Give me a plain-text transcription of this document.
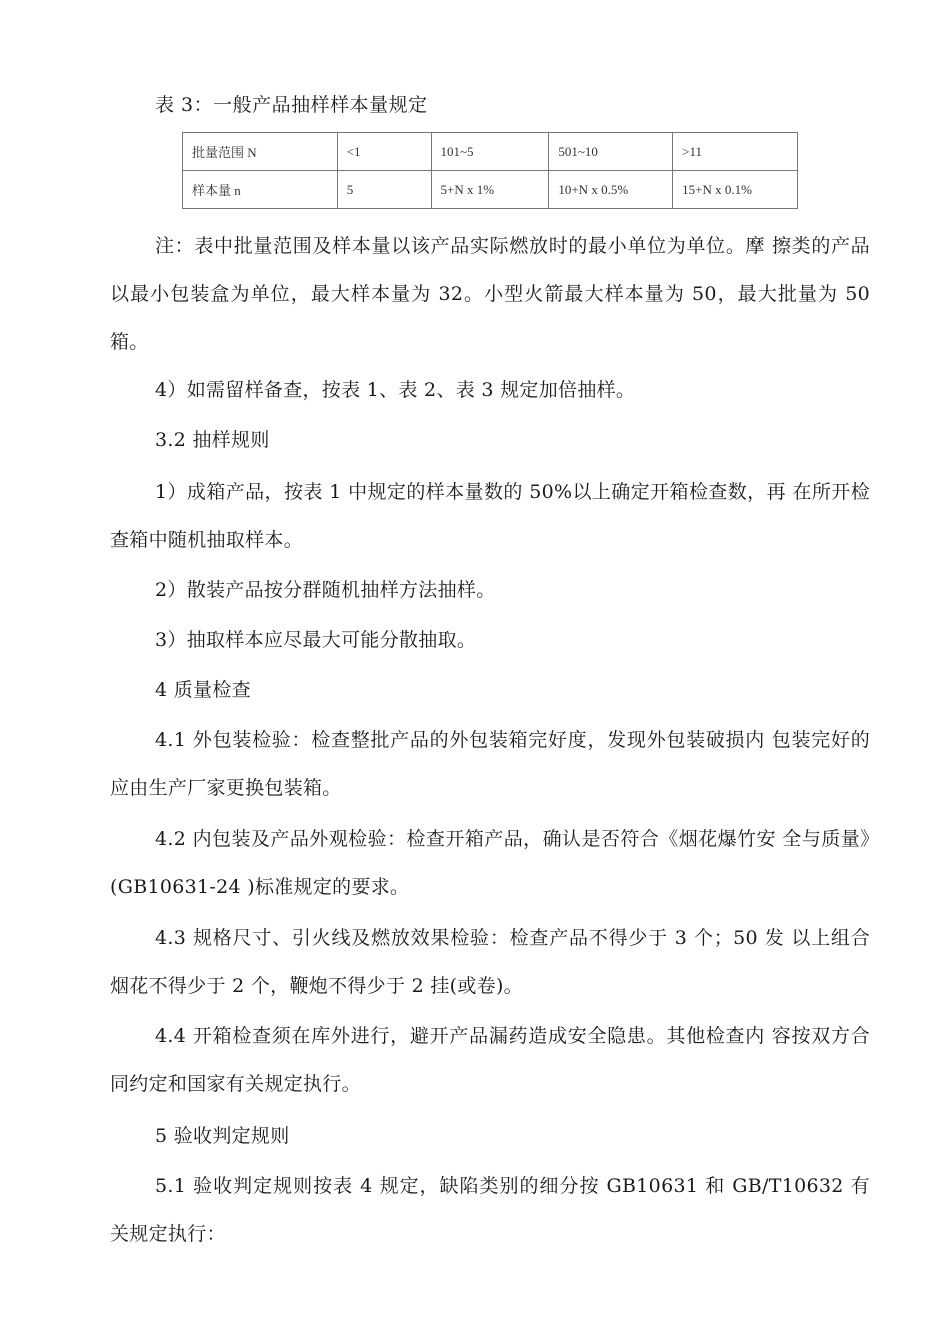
表 3：一般产品抽样样本量规定
批量范围 N	<1	101~5	501~10	>11
样本量 n	5	5+N x 1%	10+N x 0.5%	15+N x 0.1%

注：表中批量范围及样本量以该产品实际燃放时的最小单位为单位。摩 擦类的产品以最小包装盒为单位，最大样本量为 32。小型火箭最大样本量为 50，最大批量为 50 箱。

4）如需留样备查，按表 1、表 2、表 3 规定加倍抽样。

3.2 抽样规则

1）成箱产品，按表 1 中规定的样本量数的 50%以上确定开箱检查数，再 在所开检查箱中随机抽取样本。

2）散装产品按分群随机抽样方法抽样。

3）抽取样本应尽最大可能分散抽取。

4 质量检查

4.1 外包装检验：检查整批产品的外包装箱完好度，发现外包装破损内 包装完好的应由生产厂家更换包装箱。

4.2 内包装及产品外观检验：检查开箱产品，确认是否符合《烟花爆竹安 全与质量》(GB10631-24 )标准规定的要求。

4.3 规格尺寸、引火线及燃放效果检验：检查产品不得少于 3 个；50 发 以上组合烟花不得少于 2 个，鞭炮不得少于 2 挂(或卷)。

4.4 开箱检查须在库外进行，避开产品漏药造成安全隐患。其他检查内 容按双方合同约定和国家有关规定执行。

5 验收判定规则

5.1 验收判定规则按表 4 规定，缺陷类别的细分按 GB10631 和 GB/T10632 有关规定执行：
